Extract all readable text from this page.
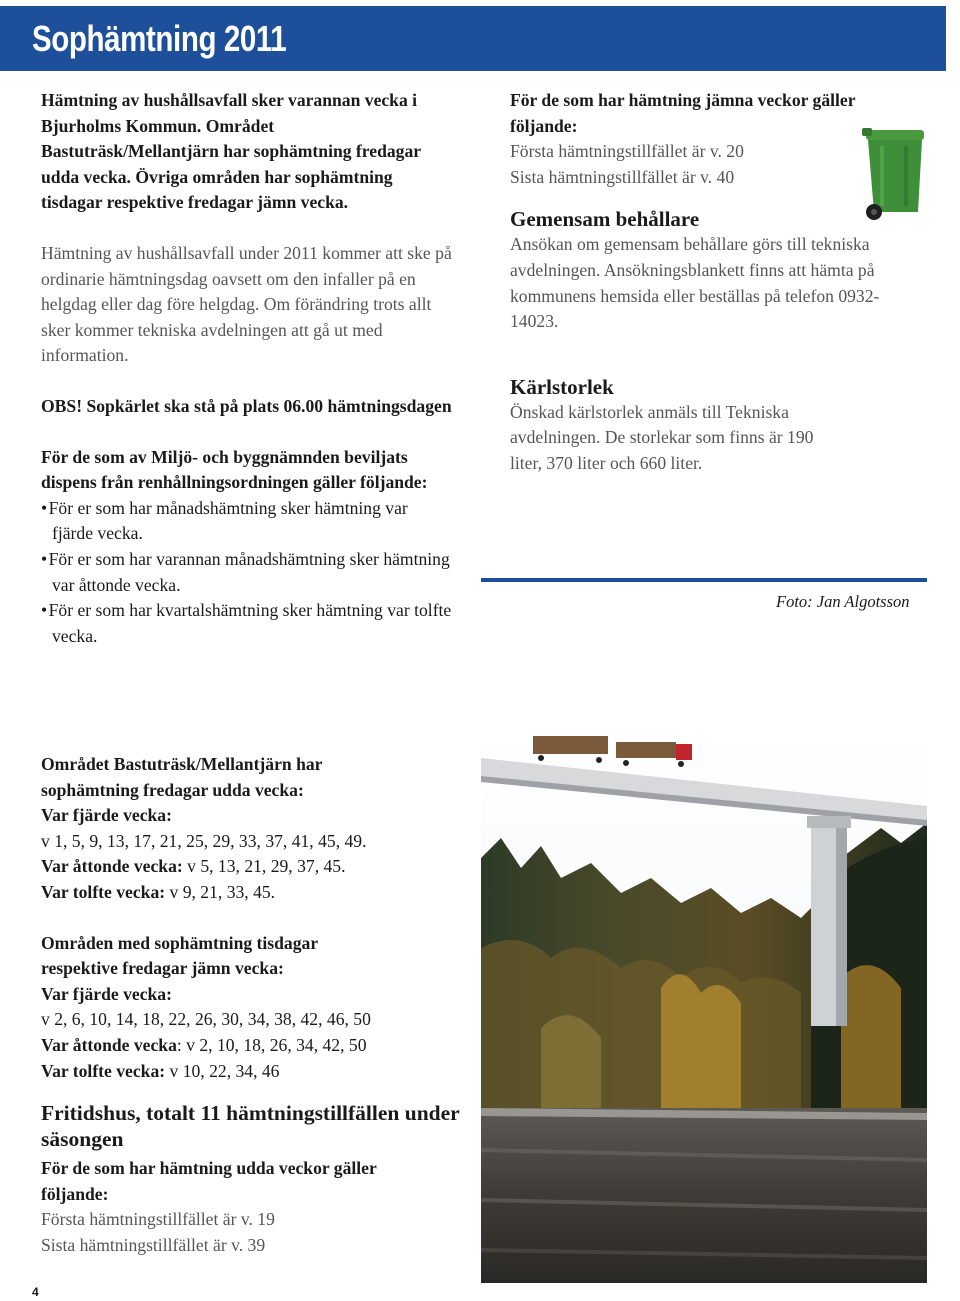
Sophämtning 2011

Hämtning av hushållsavfall sker varannan vecka i Bjurholms Kommun. Området Bastuträsk/Mellantjärn har sophämtning fredagar udda vecka. Övriga områden har sophämtning tisdagar respektive fredagar jämn vecka.

Hämtning av hushållsavfall under 2011 kommer att ske på ordinarie hämtningsdag oavsett om den infaller på en helgdag eller dag före helgdag. Om förändring trots allt sker kommer tekniska avdelningen att gå ut med information.

OBS! Sopkärlet ska stå på plats 06.00 hämtningsdagen

För de som av Miljö- och byggnämnden beviljats dispens från renhållningsordningen gäller följande:

• För er som har månadshämtning sker hämtning var fjärde vecka.

• För er som har varannan månadshämtning sker hämtning var åttonde vecka.

• För er som har kvartalshämtning sker hämtning var tolfte vecka.

Området Bastuträsk/Mellantjärn har sophämtning fredagar udda vecka:

Var fjärde vecka:

v 1, 5, 9, 13, 17, 21, 25, 29, 33, 37, 41, 45, 49.

Var åttonde vecka: v 5, 13, 21, 29, 37, 45.

Var tolfte vecka: v 9, 21, 33, 45.

Områden med sophämtning tisdagar respektive fredagar jämn vecka:

Var fjärde vecka:

v 2, 6, 10, 14, 18, 22, 26, 30, 34, 38, 42, 46, 50

Var åttonde vecka: v 2, 10, 18, 26, 34, 42, 50

Var tolfte vecka: v 10, 22, 34, 46

Fritidshus, totalt 11 hämtningstillfällen under säsongen

För de som har hämtning udda veckor gäller följande:

Första hämtningstillfället är v. 19

Sista hämtningstillfället är v. 39

För de som har hämtning jämna veckor gäller följande:

Första hämtningstillfället är v. 20

Sista hämtningstillfället är v. 40

Gemensam behållare

Ansökan om gemensam behållare görs till tekniska avdelningen. Ansökningsblankett finns att hämta på kommunens hemsida eller beställas på telefon 0932-14023.

Kärlstorlek

Önskad kärlstorlek anmäls till Tekniska avdelningen. De storlekar som finns är 190 liter, 370 liter och 660 liter.

Foto: Jan Algotsson
4
